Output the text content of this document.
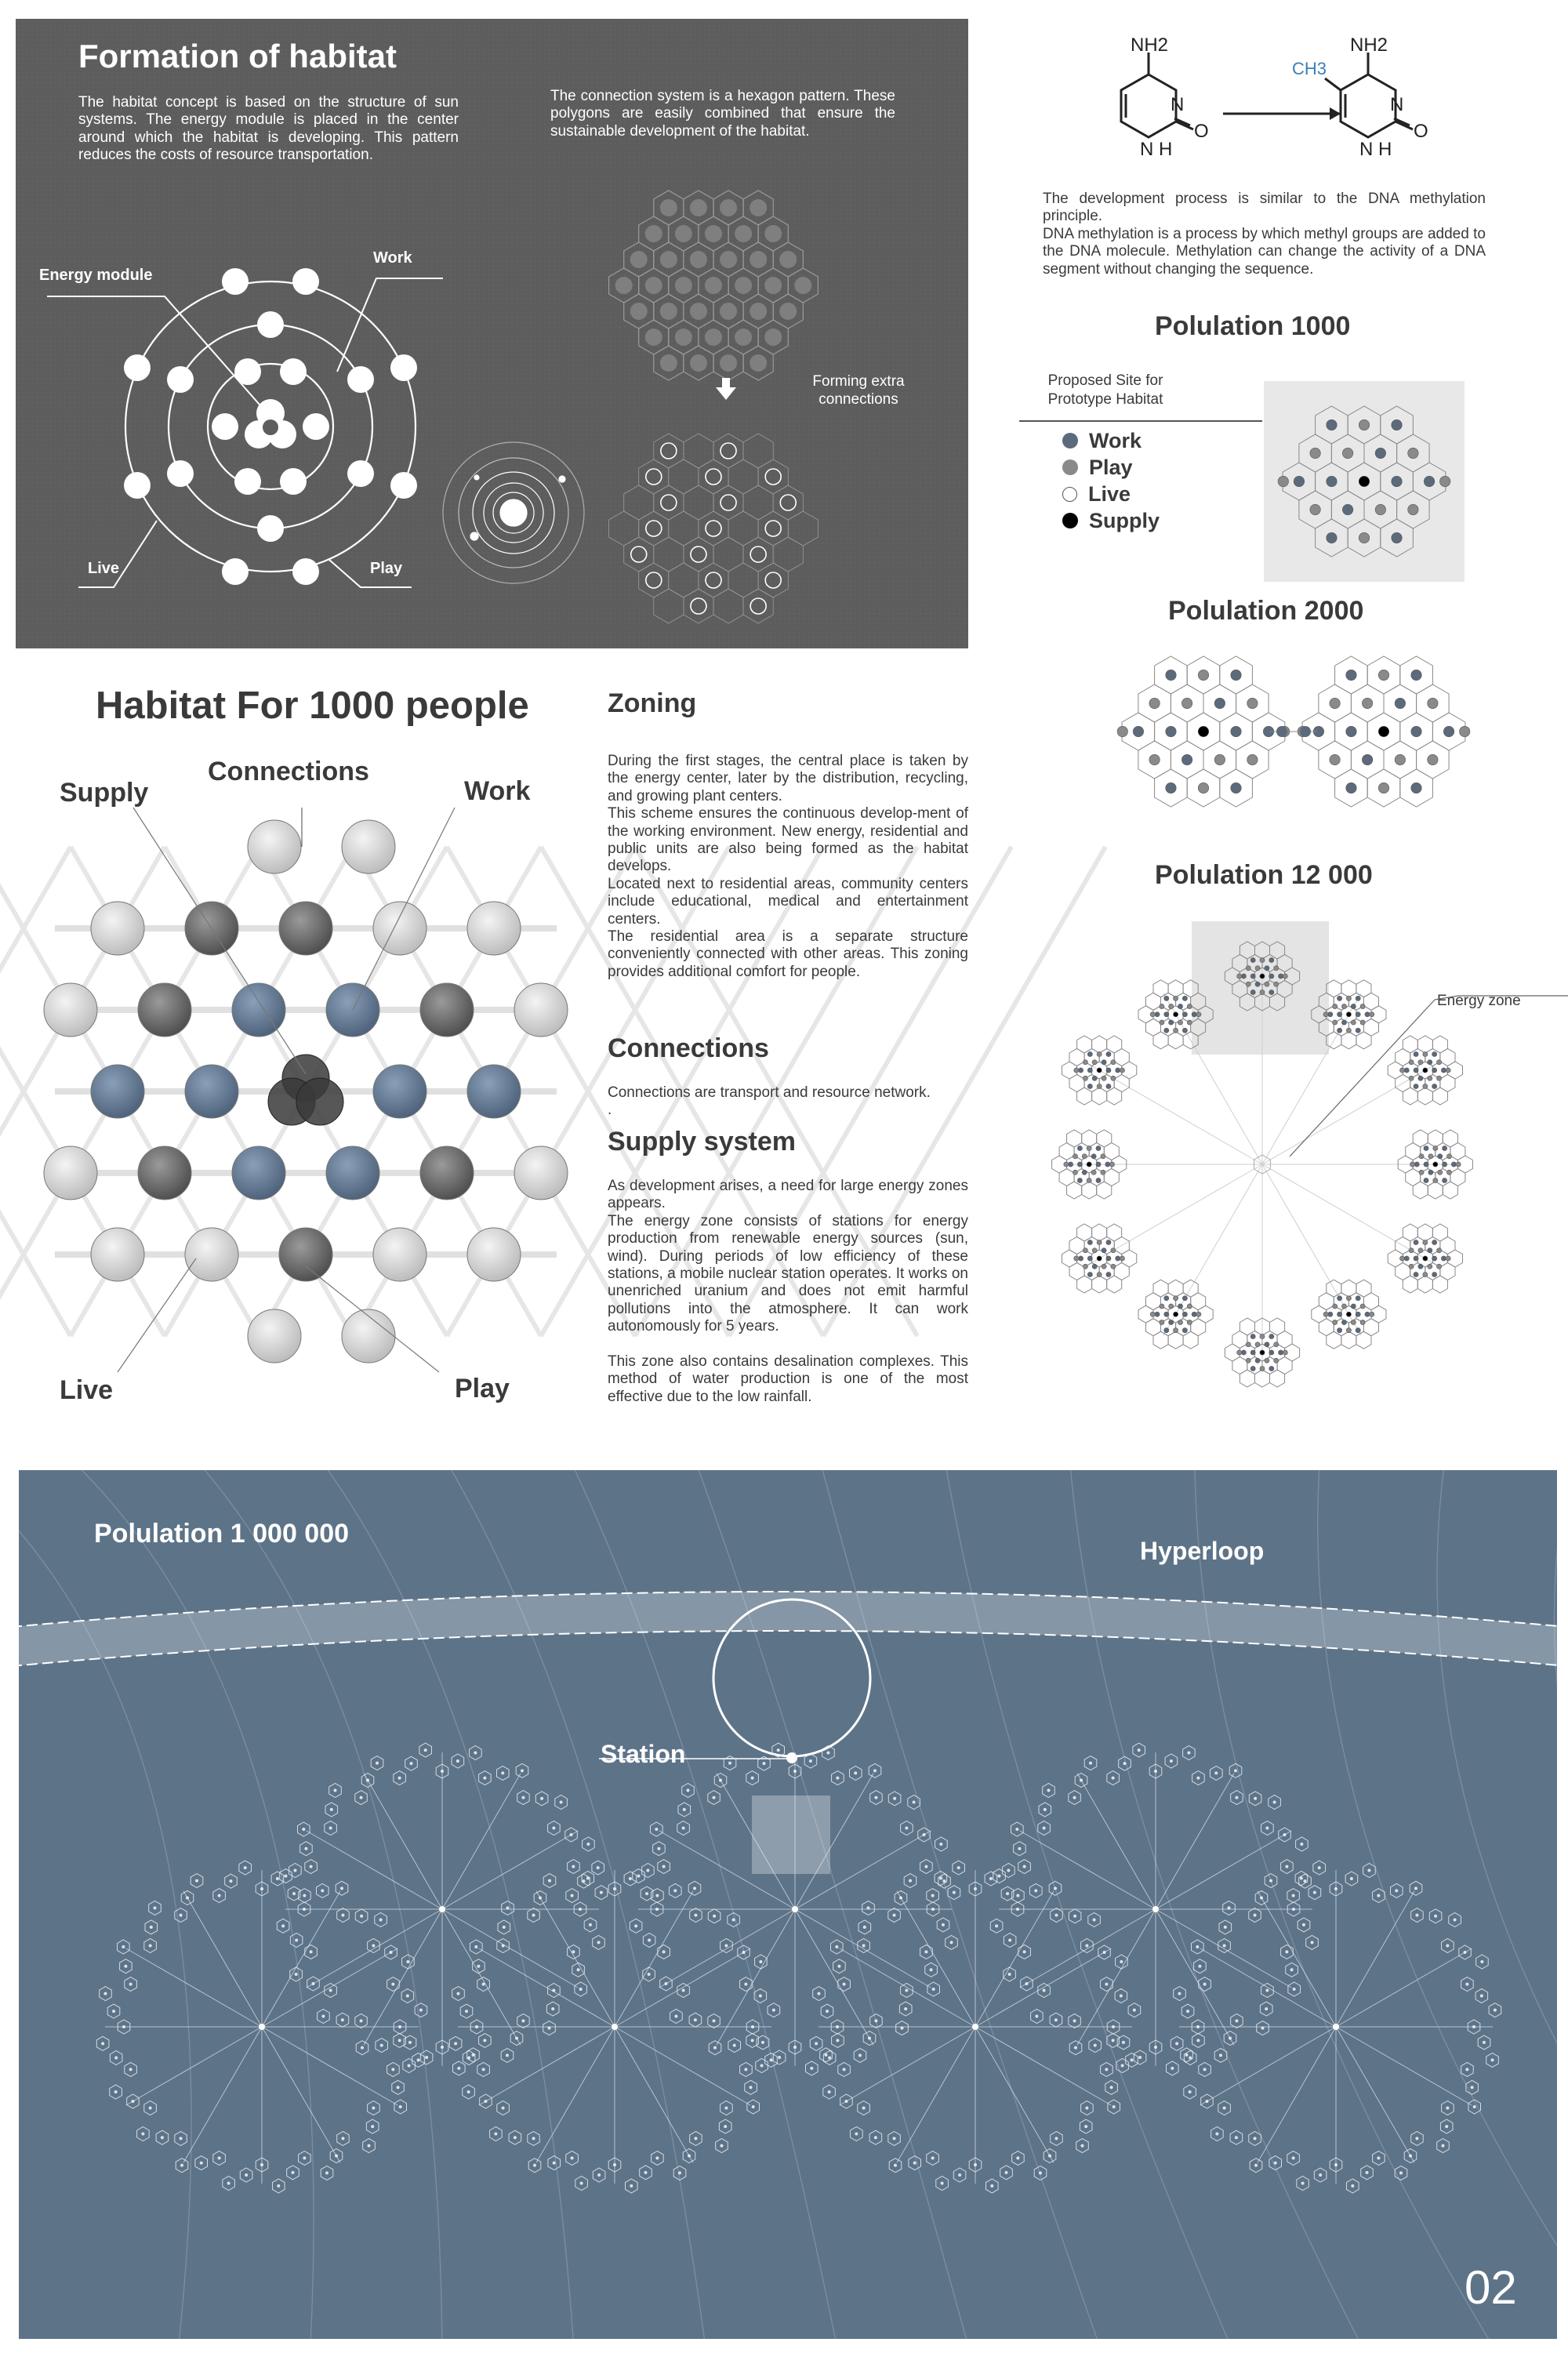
Formation of habitat
The habitat concept is based on the structure of sun systems. The energy module is placed in the center around which the habitat is developing. This pattern reduces the costs of resource transportation.
The connection system is a hexagon pattern. These polygons are easily combined that ensure the sustainable development of the habitat.
Energy module
Work
Live	Play
Forming extra connections
NH2
N
N H
O
CH3
NH2
N
N H
O
The development process is similar to the DNA methylation principle.
DNA methylation is a process by which methyl groups are added to the DNA molecule. Methylation can change the activity of a DNA segment without changing the sequence.
Polulation 1000
Proposed Site for Prototype Habitat
Work
Play
Live
Supply
Polulation 2000
Polulation 12 000
Energy zone
Habitat For 1000 people
Connections
Supply	Work
Live	Play
Zoning
During the first stages, the central place is taken by the energy center, later by the distribution, recycling, and growing plant centers.
This scheme ensures the continuous develop-ment of the working environment. New energy, residential and public units are also being formed as the habitat develops.
Located next to residential areas, community centers include educational, medical and entertainment centers.
The residential area is a separate structure conveniently connected with other areas. This zoning provides additional comfort for people.
Connections
Connections are transport and resource network.
.
Supply system
As development arises, a need for large energy zones appears.
The energy zone consists of stations for energy production from renewable energy sources (sun, wind). During periods of low efficiency of these stations, a mobile nuclear station operates. It works on unenriched uranium and does not emit harmful pollutions into the atmosphere. It can work autonomously for 5 years.

This zone also contains desalination complexes. This method of water production is one of the most effective due to the low rainfall.
Polulation 1 000 000
Hyperloop
Station
02
